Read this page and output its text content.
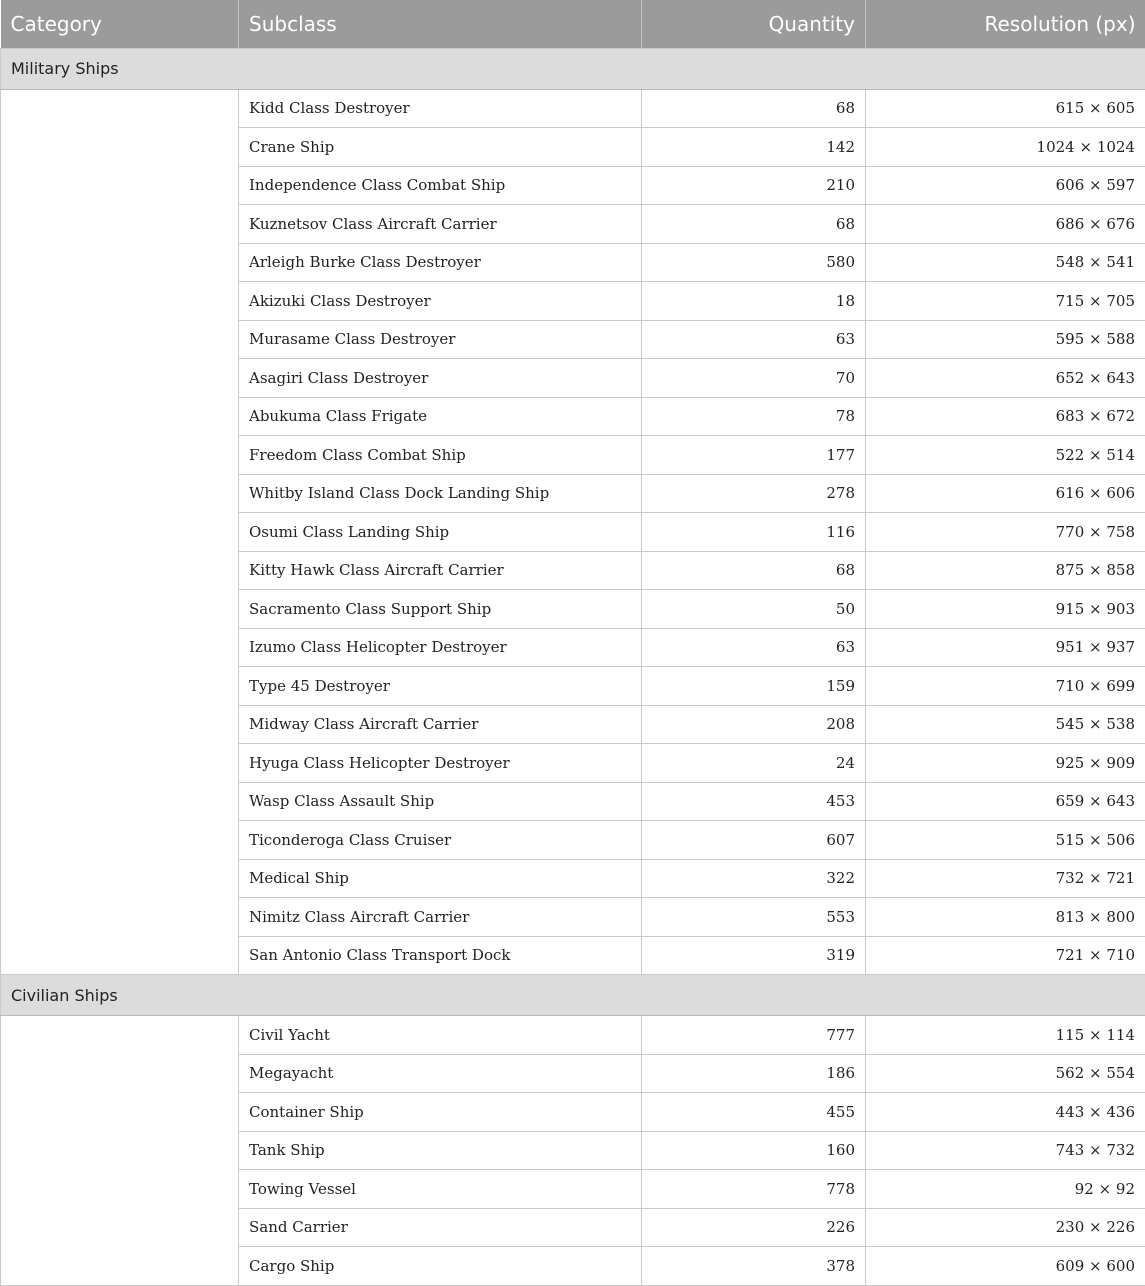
Category	Subclass	Quantity	Resolution (px)
Military Ships			
	Kidd Class Destroyer	68	615 × 605
	Crane Ship	142	1024 × 1024
	Independence Class Combat Ship	210	606 × 597
	Kuznetsov Class Aircraft Carrier	68	686 × 676
	Arleigh Burke Class Destroyer	580	548 × 541
	Akizuki Class Destroyer	18	715 × 705
	Murasame Class Destroyer	63	595 × 588
	Asagiri Class Destroyer	70	652 × 643
	Abukuma Class Frigate	78	683 × 672
	Freedom Class Combat Ship	177	522 × 514
	Whitby Island Class Dock Landing Ship	278	616 × 606
	Osumi Class Landing Ship	116	770 × 758
	Kitty Hawk Class Aircraft Carrier	68	875 × 858
	Sacramento Class Support Ship	50	915 × 903
	Izumo Class Helicopter Destroyer	63	951 × 937
	Type 45 Destroyer	159	710 × 699
	Midway Class Aircraft Carrier	208	545 × 538
	Hyuga Class Helicopter Destroyer	24	925 × 909
	Wasp Class Assault Ship	453	659 × 643
	Ticonderoga Class Cruiser	607	515 × 506
	Medical Ship	322	732 × 721
	Nimitz Class Aircraft Carrier	553	813 × 800
	San Antonio Class Transport Dock	319	721 × 710
Civilian Ships			
	Civil Yacht	777	115 × 114
	Megayacht	186	562 × 554
	Container Ship	455	443 × 436
	Tank Ship	160	743 × 732
	Towing Vessel	778	92 × 92
	Sand Carrier	226	230 × 226
	Cargo Ship	378	609 × 600
